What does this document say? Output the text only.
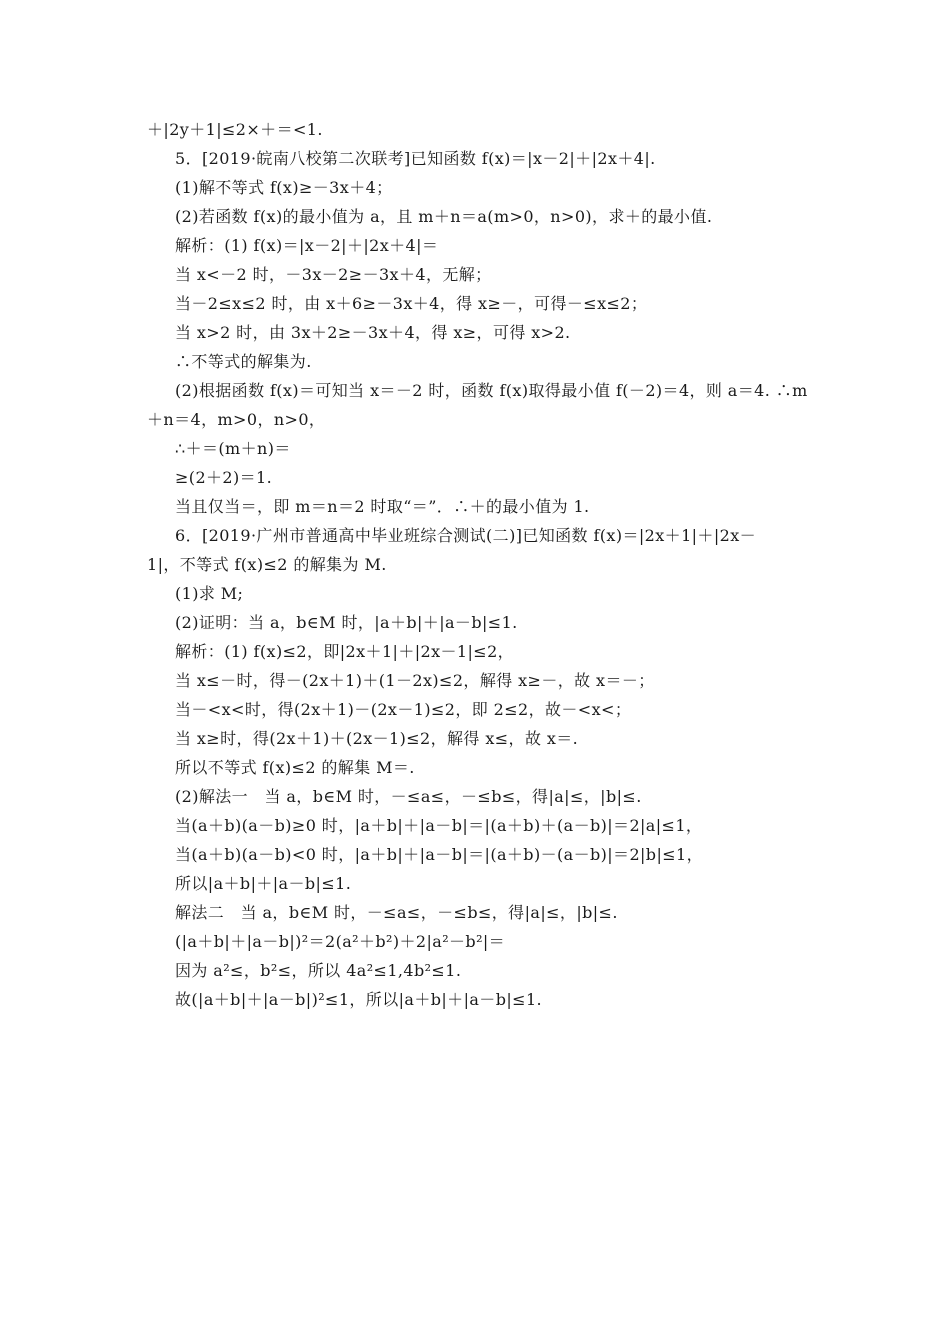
＋|2y＋1|≤2×＋＝<1.
5．[2019·皖南八校第二次联考]已知函数 f(x)＝|x－2|＋|2x＋4|.
(1)解不等式 f(x)≥－3x＋4；
(2)若函数 f(x)的最小值为 a，且 m＋n＝a(m>0，n>0)，求＋的最小值.
解析：(1) f(x)＝|x－2|＋|2x＋4|＝
当 x<－2 时，－3x－2≥－3x＋4，无解；
当－2≤x≤2 时，由 x＋6≥－3x＋4，得 x≥－，可得－≤x≤2；
当 x>2 时，由 3x＋2≥－3x＋4，得 x≥，可得 x>2.
∴不等式的解集为.
(2)根据函数 f(x)＝可知当 x＝－2 时，函数 f(x)取得最小值 f(－2)＝4，则 a＝4. ∴m
＋n＝4，m>0，n>0，
∴＋＝(m＋n)＝
≥(2＋2)＝1.
当且仅当＝，即 m＝n＝2 时取“＝”．∴＋的最小值为 1.
6．[2019·广州市普通高中毕业班综合测试(二)]已知函数 f(x)＝|2x＋1|＋|2x－
1|，不等式 f(x)≤2 的解集为 M.
(1)求 M;
(2)证明：当 a，b∈M 时，|a＋b|＋|a－b|≤1.
解析：(1) f(x)≤2，即|2x＋1|＋|2x－1|≤2，
当 x≤－时，得－(2x＋1)＋(1－2x)≤2，解得 x≥－，故 x＝－；
当－<x<时，得(2x＋1)－(2x－1)≤2，即 2≤2，故－<x<；
当 x≥时，得(2x＋1)＋(2x－1)≤2，解得 x≤，故 x＝.
所以不等式 f(x)≤2 的解集 M＝.
(2)解法一　当 a，b∈M 时，－≤a≤，－≤b≤，得|a|≤，|b|≤.
当(a＋b)(a－b)≥0 时，|a＋b|＋|a－b|＝|(a＋b)＋(a－b)|＝2|a|≤1，
当(a＋b)(a－b)<0 时，|a＋b|＋|a－b|＝|(a＋b)－(a－b)|＝2|b|≤1，
所以|a＋b|＋|a－b|≤1.
解法二　当 a，b∈M 时，－≤a≤，－≤b≤，得|a|≤，|b|≤.
(|a＋b|＋|a－b|)²＝2(a²＋b²)＋2|a²－b²|＝
因为 a²≤，b²≤，所以 4a²≤1,4b²≤1.
故(|a＋b|＋|a－b|)²≤1，所以|a＋b|＋|a－b|≤1.
